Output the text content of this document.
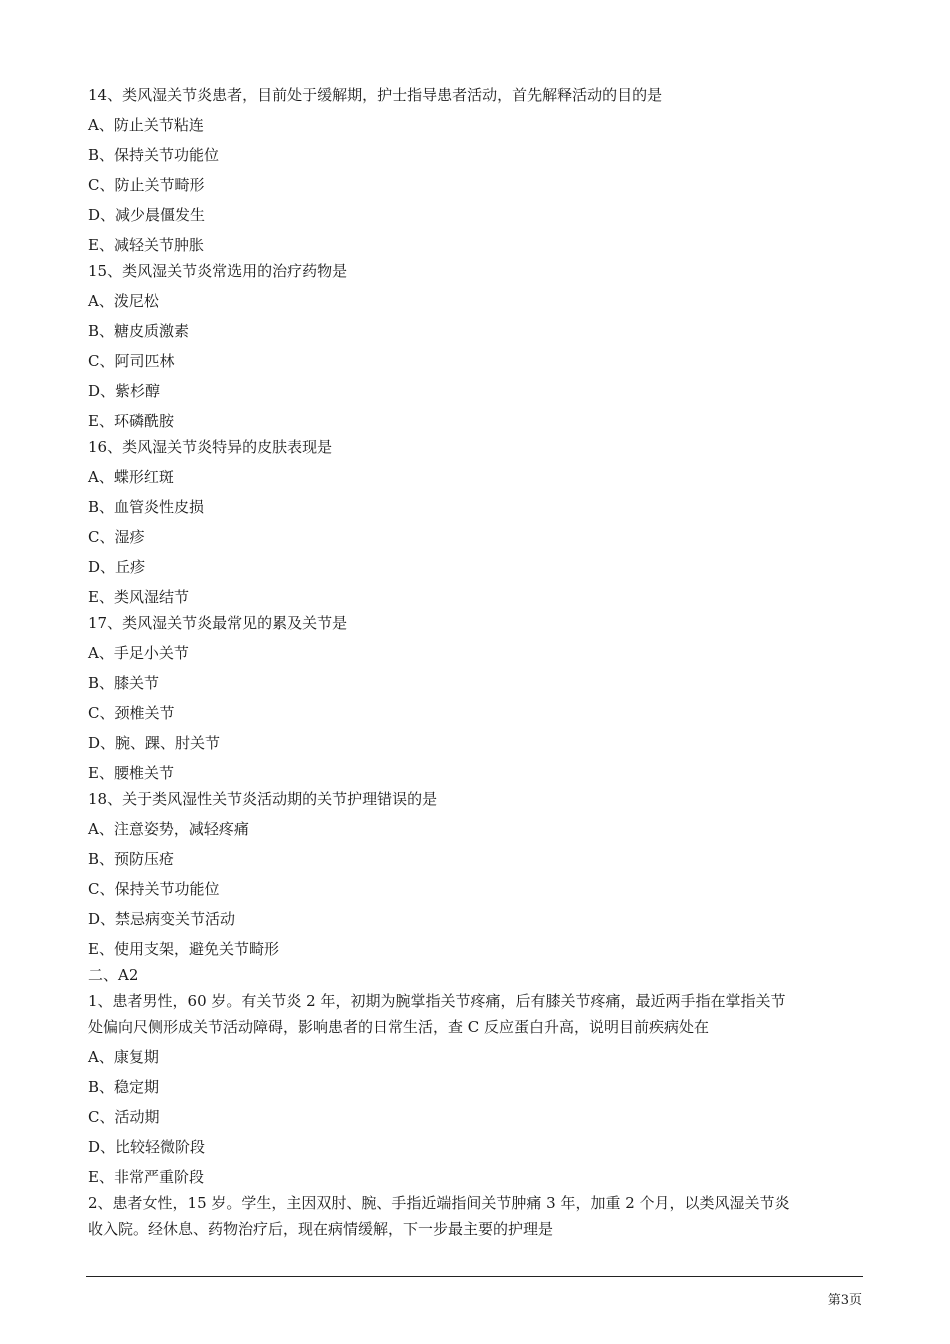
14、类风湿关节炎患者，目前处于缓解期，护士指导患者活动，首先解释活动的目的是
A、防止关节粘连
B、保持关节功能位
C、防止关节畸形
D、减少晨僵发生
E、减轻关节肿胀
15、类风湿关节炎常选用的治疗药物是
A、泼尼松
B、糖皮质激素
C、阿司匹林
D、紫杉醇
E、环磷酰胺
16、类风湿关节炎特异的皮肤表现是
A、蝶形红斑
B、血管炎性皮损
C、湿疹
D、丘疹
E、类风湿结节
17、类风湿关节炎最常见的累及关节是
A、手足小关节
B、膝关节
C、颈椎关节
D、腕、踝、肘关节
E、腰椎关节
18、关于类风湿性关节炎活动期的关节护理错误的是
A、注意姿势，减轻疼痛
B、预防压疮
C、保持关节功能位
D、禁忌病变关节活动
E、使用支架，避免关节畸形
二、A2
1、患者男性，60 岁。有关节炎 2 年，初期为腕掌指关节疼痛，后有膝关节疼痛，最近两手指在掌指关节
处偏向尺侧形成关节活动障碍，影响患者的日常生活，查 C 反应蛋白升高，说明目前疾病处在
A、康复期
B、稳定期
C、活动期
D、比较轻微阶段
E、非常严重阶段
2、患者女性，15 岁。学生，主因双肘、腕、手指近端指间关节肿痛 3 年，加重 2 个月，以类风湿关节炎
收入院。经休息、药物治疗后，现在病情缓解，下一步最主要的护理是
第3页
